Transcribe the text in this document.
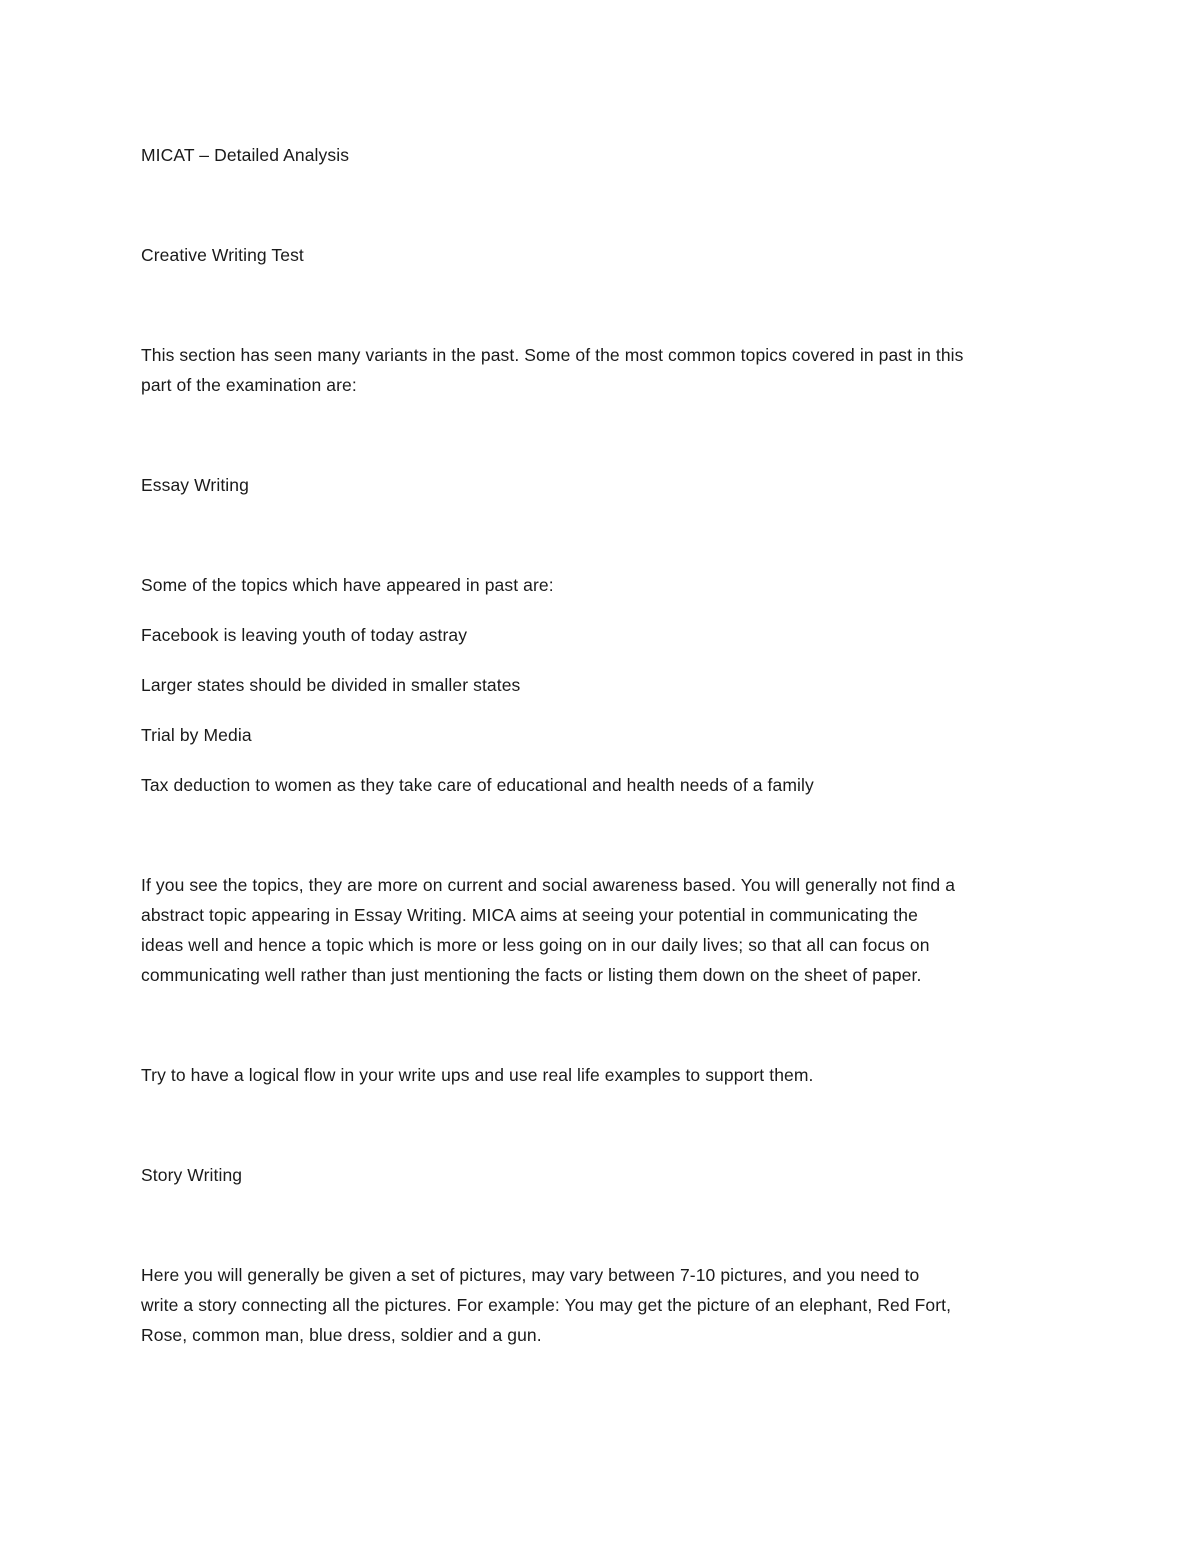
MICAT – Detailed Analysis

Creative Writing Test

This section has seen many variants in the past. Some of the most common topics covered in past in this

part of the examination are:

Essay Writing

Some of the topics which have appeared in past are:

Facebook is leaving youth of today astray

Larger states should be divided in smaller states

Trial by Media

Tax deduction to women as they take care of educational and health needs of a family

If you see the topics, they are more on current and social awareness based. You will generally not find a

abstract topic appearing in Essay Writing. MICA aims at seeing your potential in communicating the

ideas well and hence a topic which is more or less going on in our daily lives; so that all can focus on

communicating well rather than just mentioning the facts or listing them down on the sheet of paper.

Try to have a logical flow in your write ups and use real life examples to support them.

Story Writing

Here you will generally be given a set of pictures, may vary between 7-10 pictures, and you need to

write a story connecting all the pictures. For example: You may get the picture of an elephant, Red Fort,

Rose, common man, blue dress, soldier and a gun.
